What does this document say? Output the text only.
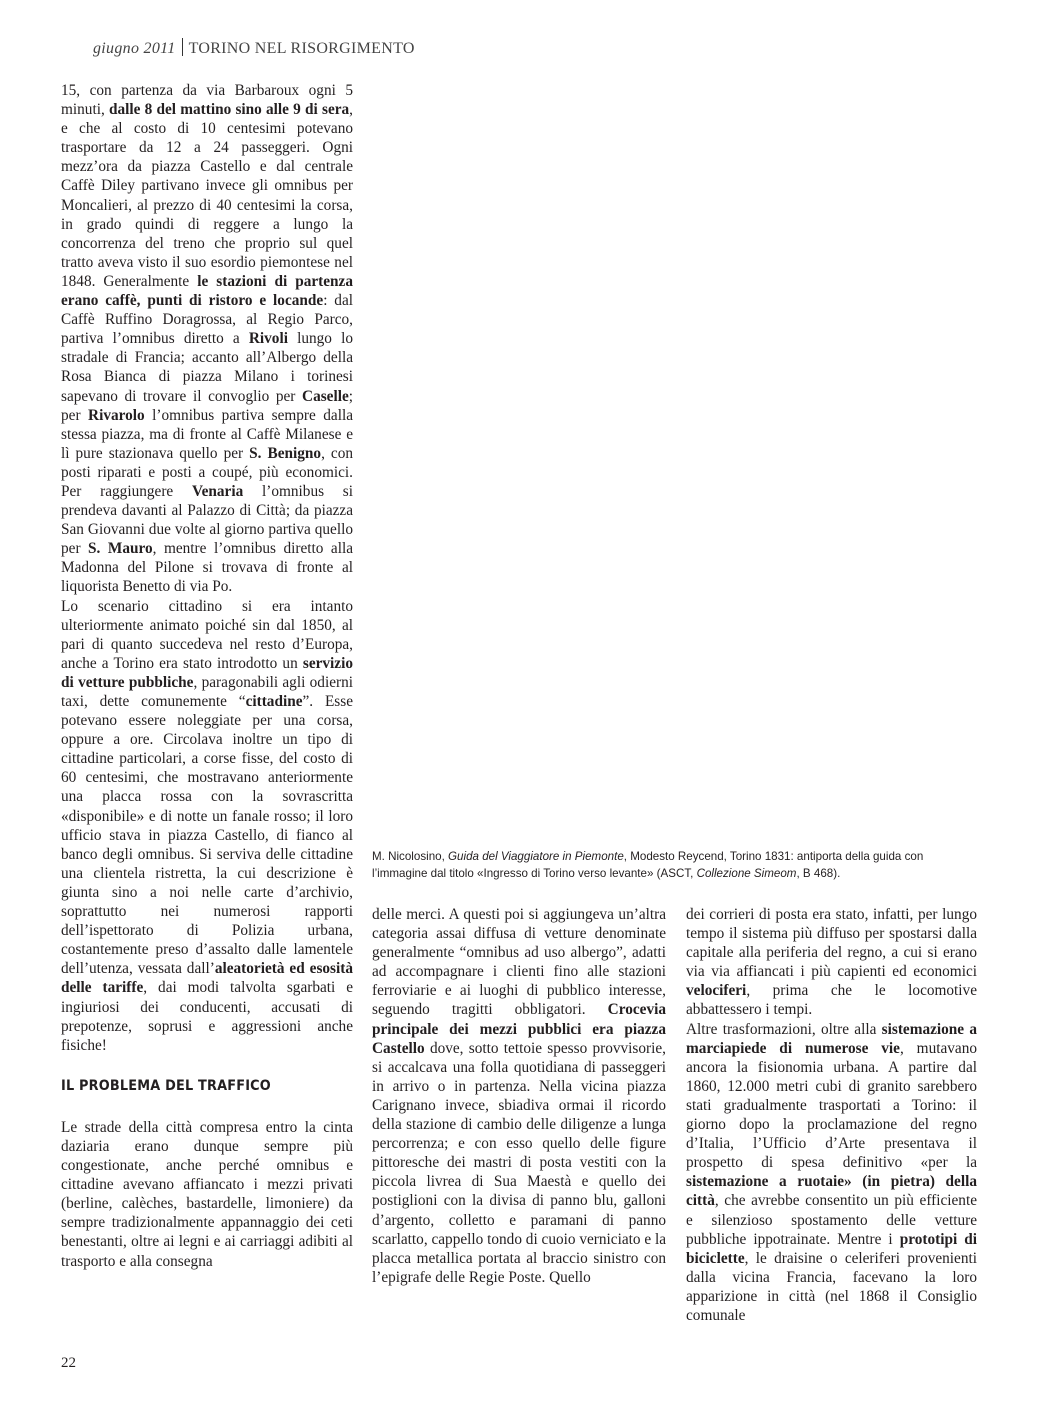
giugno 2011 TORINO NEL RISORGIMENTO

15, con partenza da via Barbaroux ogni 5 minuti, dalle 8 del mattino sino alle 9 di sera, e che al costo di 10 centesimi potevano trasportare da 12 a 24 passeggeri. Ogni mezz’ora da piazza Castello e dal centrale Caffè Diley partivano invece gli omnibus per Moncalieri, al prezzo di 40 centesimi la corsa, in grado quindi di reggere a lungo la concorrenza del treno che proprio sul quel tratto aveva visto il suo esordio piemontese nel 1848. Generalmente le stazioni di partenza erano caffè, punti di ristoro e locande: dal Caffè Ruffino Doragrossa, al Regio Parco, partiva l’omnibus diretto a Rivoli lungo lo stradale di Francia; accanto all’Albergo della Rosa Bianca di piazza Milano i torinesi sapevano di trovare il convoglio per Caselle; per Rivarolo l’omnibus partiva sempre dalla stessa piazza, ma di fronte al Caffè Milanese e lì pure stazionava quello per S. Benigno, con posti riparati e posti a coupé, più economici. Per raggiungere Venaria l’omnibus si prendeva davanti al Palazzo di Città; da piazza San Giovanni due volte al giorno partiva quello per S. Mauro, mentre l’omnibus diretto alla Madonna del Pilone si trovava di fronte al liquorista Benetto di via Po.

Lo scenario cittadino si era intanto ulteriormente animato poiché sin dal 1850, al pari di quanto succedeva nel resto d’Europa, anche a Torino era stato introdotto un servizio di vetture pubbliche, paragonabili agli odierni taxi, dette comunemente “cittadine”. Esse potevano essere noleggiate per una corsa, oppure a ore. Circolava inoltre un tipo di cittadine particolari, a corse fisse, del costo di 60 centesimi, che mostravano anteriormente una placca rossa con la sovrascritta «disponibile» e di notte un fanale rosso; il loro ufficio stava in piazza Castello, di fianco al banco degli omnibus. Si serviva delle cittadine una clientela ristretta, la cui descrizione è giunta sino a noi nelle carte d’archivio, soprattutto nei numerosi rapporti dell’ispettorato di Polizia urbana, costantemente preso d’assalto dalle lamentele dell’utenza, vessata dall’aleatorietà ed esosità delle tariffe, dai modi talvolta sgarbati e ingiuriosi dei conducenti, accusati di prepotenze, soprusi e aggressioni anche fisiche!

IL PROBLEMA DEL TRAFFICO

Le strade della città compresa entro la cinta daziaria erano dunque sempre più congestionate, anche perché omnibus e cittadine avevano affiancato i mezzi privati (berline, calèches, bastardelle, limoniere) da sempre tradizionalmente appannaggio dei ceti benestanti, oltre ai legni e ai carriaggi adibiti al trasporto e alla consegna

M. Nicolosino, Guida del Viaggiatore in Piemonte, Modesto Reycend, Torino 1831: antiporta della guida con l’immagine dal titolo «Ingresso di Torino verso levante» (ASCT, Collezione Simeom, B 468).

delle merci. A questi poi si aggiungeva un’altra categoria assai diffusa di vetture denominate generalmente “omnibus ad uso albergo”, adatti ad accompagnare i clienti fino alle stazioni ferroviarie e ai luoghi di pubblico interesse, seguendo tragitti obbligatori. Crocevia principale dei mezzi pubblici era piazza Castello dove, sotto tettoie spesso provvisorie, si accalcava una folla quotidiana di passeggeri in arrivo o in partenza. Nella vicina piazza Carignano invece, sbiadiva ormai il ricordo della stazione di cambio delle diligenze a lunga percorrenza; e con esso quello delle figure pittoresche dei mastri di posta vestiti con la piccola livrea di Sua Maestà e quello dei postiglioni con la divisa di panno blu, galloni d’argento, colletto e paramani di panno scarlatto, cappello tondo di cuoio verniciato e la placca metallica portata al braccio sinistro con l’epigrafe delle Regie Poste. Quello

dei corrieri di posta era stato, infatti, per lungo tempo il sistema più diffuso per spostarsi dalla capitale alla periferia del regno, a cui si erano via via affiancati i più capienti ed economici velociferi, prima che le locomotive abbattessero i tempi.

Altre trasformazioni, oltre alla sistemazione a marciapiede di numerose vie, mutavano ancora la fisionomia urbana. A partire dal 1860, 12.000 metri cubi di granito sarebbero stati gradualmente trasportati a Torino: il giorno dopo la proclamazione del regno d’Italia, l’Ufficio d’Arte presentava il prospetto di spesa definitivo «per la sistemazione a ruotaie» (in pietra) della città, che avrebbe consentito un più efficiente e silenzioso spostamento delle vetture pubbliche ippotrainate. Mentre i prototipi di biciclette, le draisine o celeriferi provenienti dalla vicina Francia, facevano la loro apparizione in città (nel 1868 il Consiglio comunale

22
